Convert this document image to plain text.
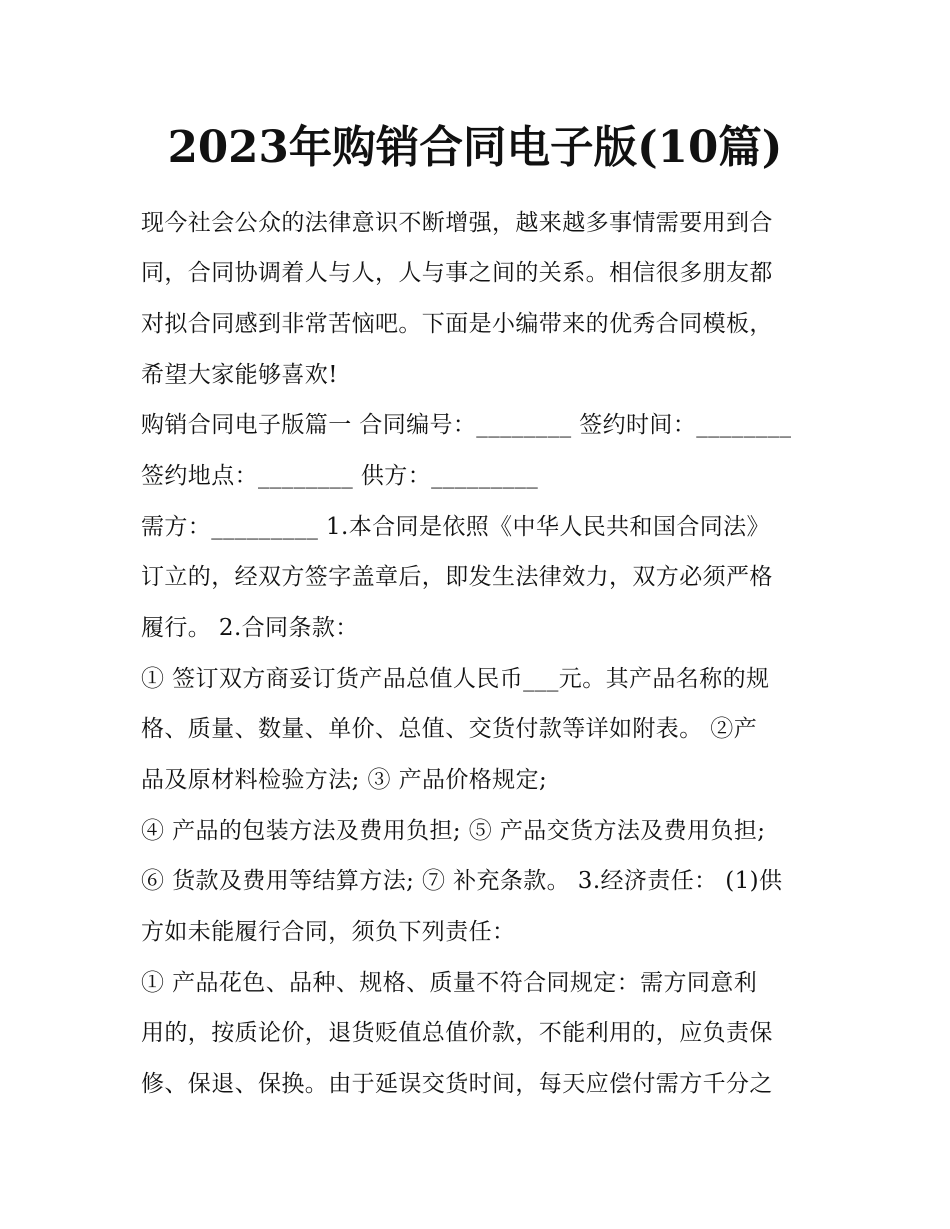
2023年购销合同电子版(10篇)
现今社会公众的法律意识不断增强，越来越多事情需要用到合
同，合同协调着人与人，人与事之间的关系。相信很多朋友都
对拟合同感到非常苦恼吧。下面是小编带来的优秀合同模板，
希望大家能够喜欢!
购销合同电子版篇一 合同编号：________ 签约时间：________
签约地点：________ 供方：_________
需方：_________ 1.本合同是依照《中华人民共和国合同法》
订立的，经双方签字盖章后，即发生法律效力，双方必须严格
履行。 2.合同条款：
① 签订双方商妥订货产品总值人民币___元。其产品名称的规
格、质量、数量、单价、总值、交货付款等详如附表。 ②产
品及原材料检验方法; ③ 产品价格规定;
④ 产品的包装方法及费用负担; ⑤ 产品交货方法及费用负担;
⑥ 货款及费用等结算方法; ⑦ 补充条款。 3.经济责任： (1)供
方如未能履行合同，须负下列责任：
① 产品花色、品种、规格、质量不符合同规定：需方同意利
用的，按质论价，退货贬值总值价款，不能利用的，应负责保
修、保退、保换。由于延误交货时间，每天应偿付需方千分之
